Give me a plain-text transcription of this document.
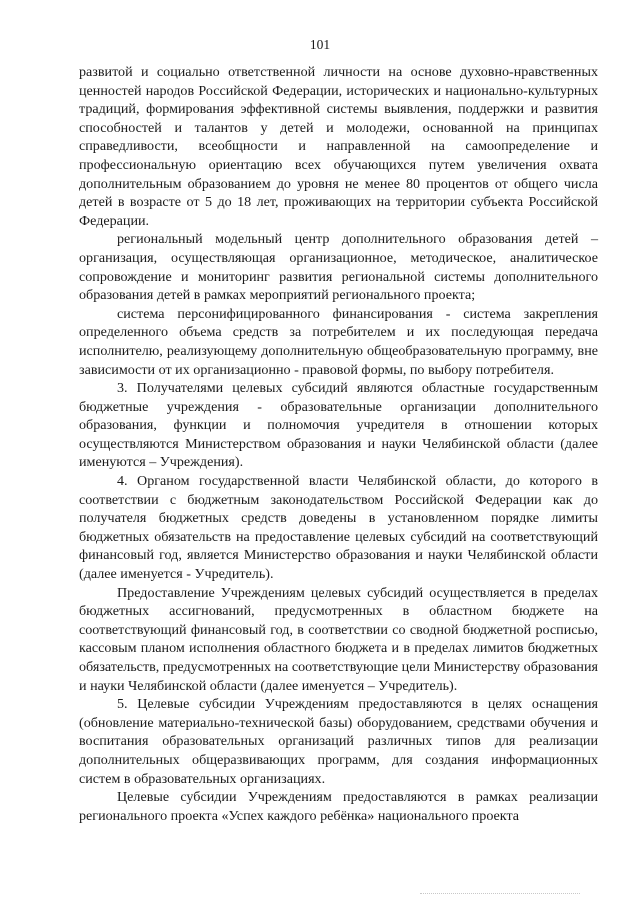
101

развитой и социально ответственной личности на основе духовно-нравственных ценностей народов Российской Федерации, исторических и национально-культурных традиций, формирования эффективной системы выявления, поддержки и развития способностей и талантов у детей и молодежи, основанной на принципах справедливости, всеобщности и направленной на самоопределение и профессиональную ориентацию всех обучающихся путем увеличения охвата дополнительным образованием до уровня не менее 80 процентов от общего числа детей в возрасте от 5 до 18 лет, проживающих на территории субъекта Российской Федерации.

региональный модельный центр дополнительного образования детей – организация, осуществляющая организационное, методическое, аналитическое сопровождение и мониторинг развития региональной системы дополнительного образования детей в рамках мероприятий регионального проекта;

система персонифицированного финансирования - система закрепления определенного объема средств за потребителем и их последующая передача исполнителю, реализующему дополнительную общеобразовательную программу, вне зависимости от их организационно - правовой формы, по выбору потребителя.

3. Получателями целевых субсидий являются областные государственным бюджетные учреждения - образовательные организации дополнительного образования, функции и полномочия учредителя в отношении которых осуществляются Министерством образования и науки Челябинской области (далее именуются – Учреждения).

4. Органом государственной власти Челябинской области, до которого в соответствии с бюджетным законодательством Российской Федерации как до получателя бюджетных средств доведены в установленном порядке лимиты бюджетных обязательств на предоставление целевых субсидий на соответствующий финансовый год, является Министерство образования и науки Челябинской области (далее именуется - Учредитель).

Предоставление Учреждениям целевых субсидий осуществляется в пределах бюджетных ассигнований, предусмотренных в областном бюджете на соответствующий финансовый год, в соответствии со сводной бюджетной росписью, кассовым планом исполнения областного бюджета и в пределах лимитов бюджетных обязательств, предусмотренных на соответствующие цели Министерству образования и науки Челябинской области (далее именуется – Учредитель).

5. Целевые субсидии Учреждениям предоставляются в целях оснащения (обновление материально-технической базы) оборудованием, средствами обучения и воспитания образовательных организаций различных типов для реализации дополнительных общеразвивающих программ, для создания информационных систем в образовательных организациях.

Целевые субсидии Учреждениям предоставляются в рамках реализации регионального проекта «Успех каждого ребёнка» национального проекта
